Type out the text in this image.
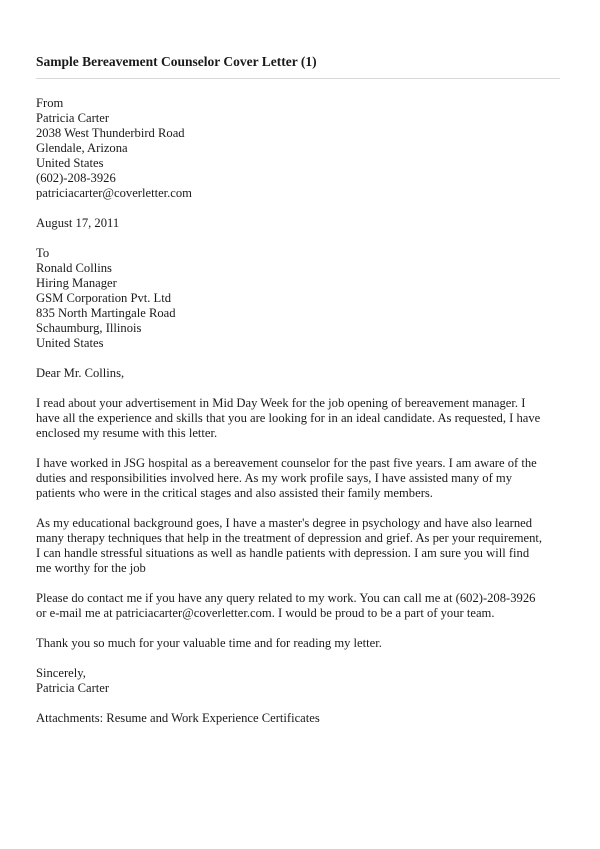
Sample Bereavement Counselor Cover Letter (1)
From
Patricia Carter
2038 West Thunderbird Road
Glendale, Arizona
United States
(602)-208-3926
patriciacarter@coverletter.com
August 17, 2011
To
Ronald Collins
Hiring Manager
GSM Corporation Pvt. Ltd
835 North Martingale Road
Schaumburg, Illinois
United States
Dear Mr. Collins,
I read about your advertisement in Mid Day Week for the job opening of bereavement manager. I
have all the experience and skills that you are looking for in an ideal candidate. As requested, I have
enclosed my resume with this letter.
I have worked in JSG hospital as a bereavement counselor for the past five years. I am aware of the
duties and responsibilities involved here. As my work profile says, I have assisted many of my
patients who were in the critical stages and also assisted their family members.
As my educational background goes, I have a master's degree in psychology and have also learned
many therapy techniques that help in the treatment of depression and grief. As per your requirement,
I can handle stressful situations as well as handle patients with depression. I am sure you will find
me worthy for the job
Please do contact me if you have any query related to my work. You can call me at (602)-208-3926
or e-mail me at patriciacarter@coverletter.com. I would be proud to be a part of your team.
Thank you so much for your valuable time and for reading my letter.
Sincerely,
Patricia Carter
Attachments: Resume and Work Experience Certificates
